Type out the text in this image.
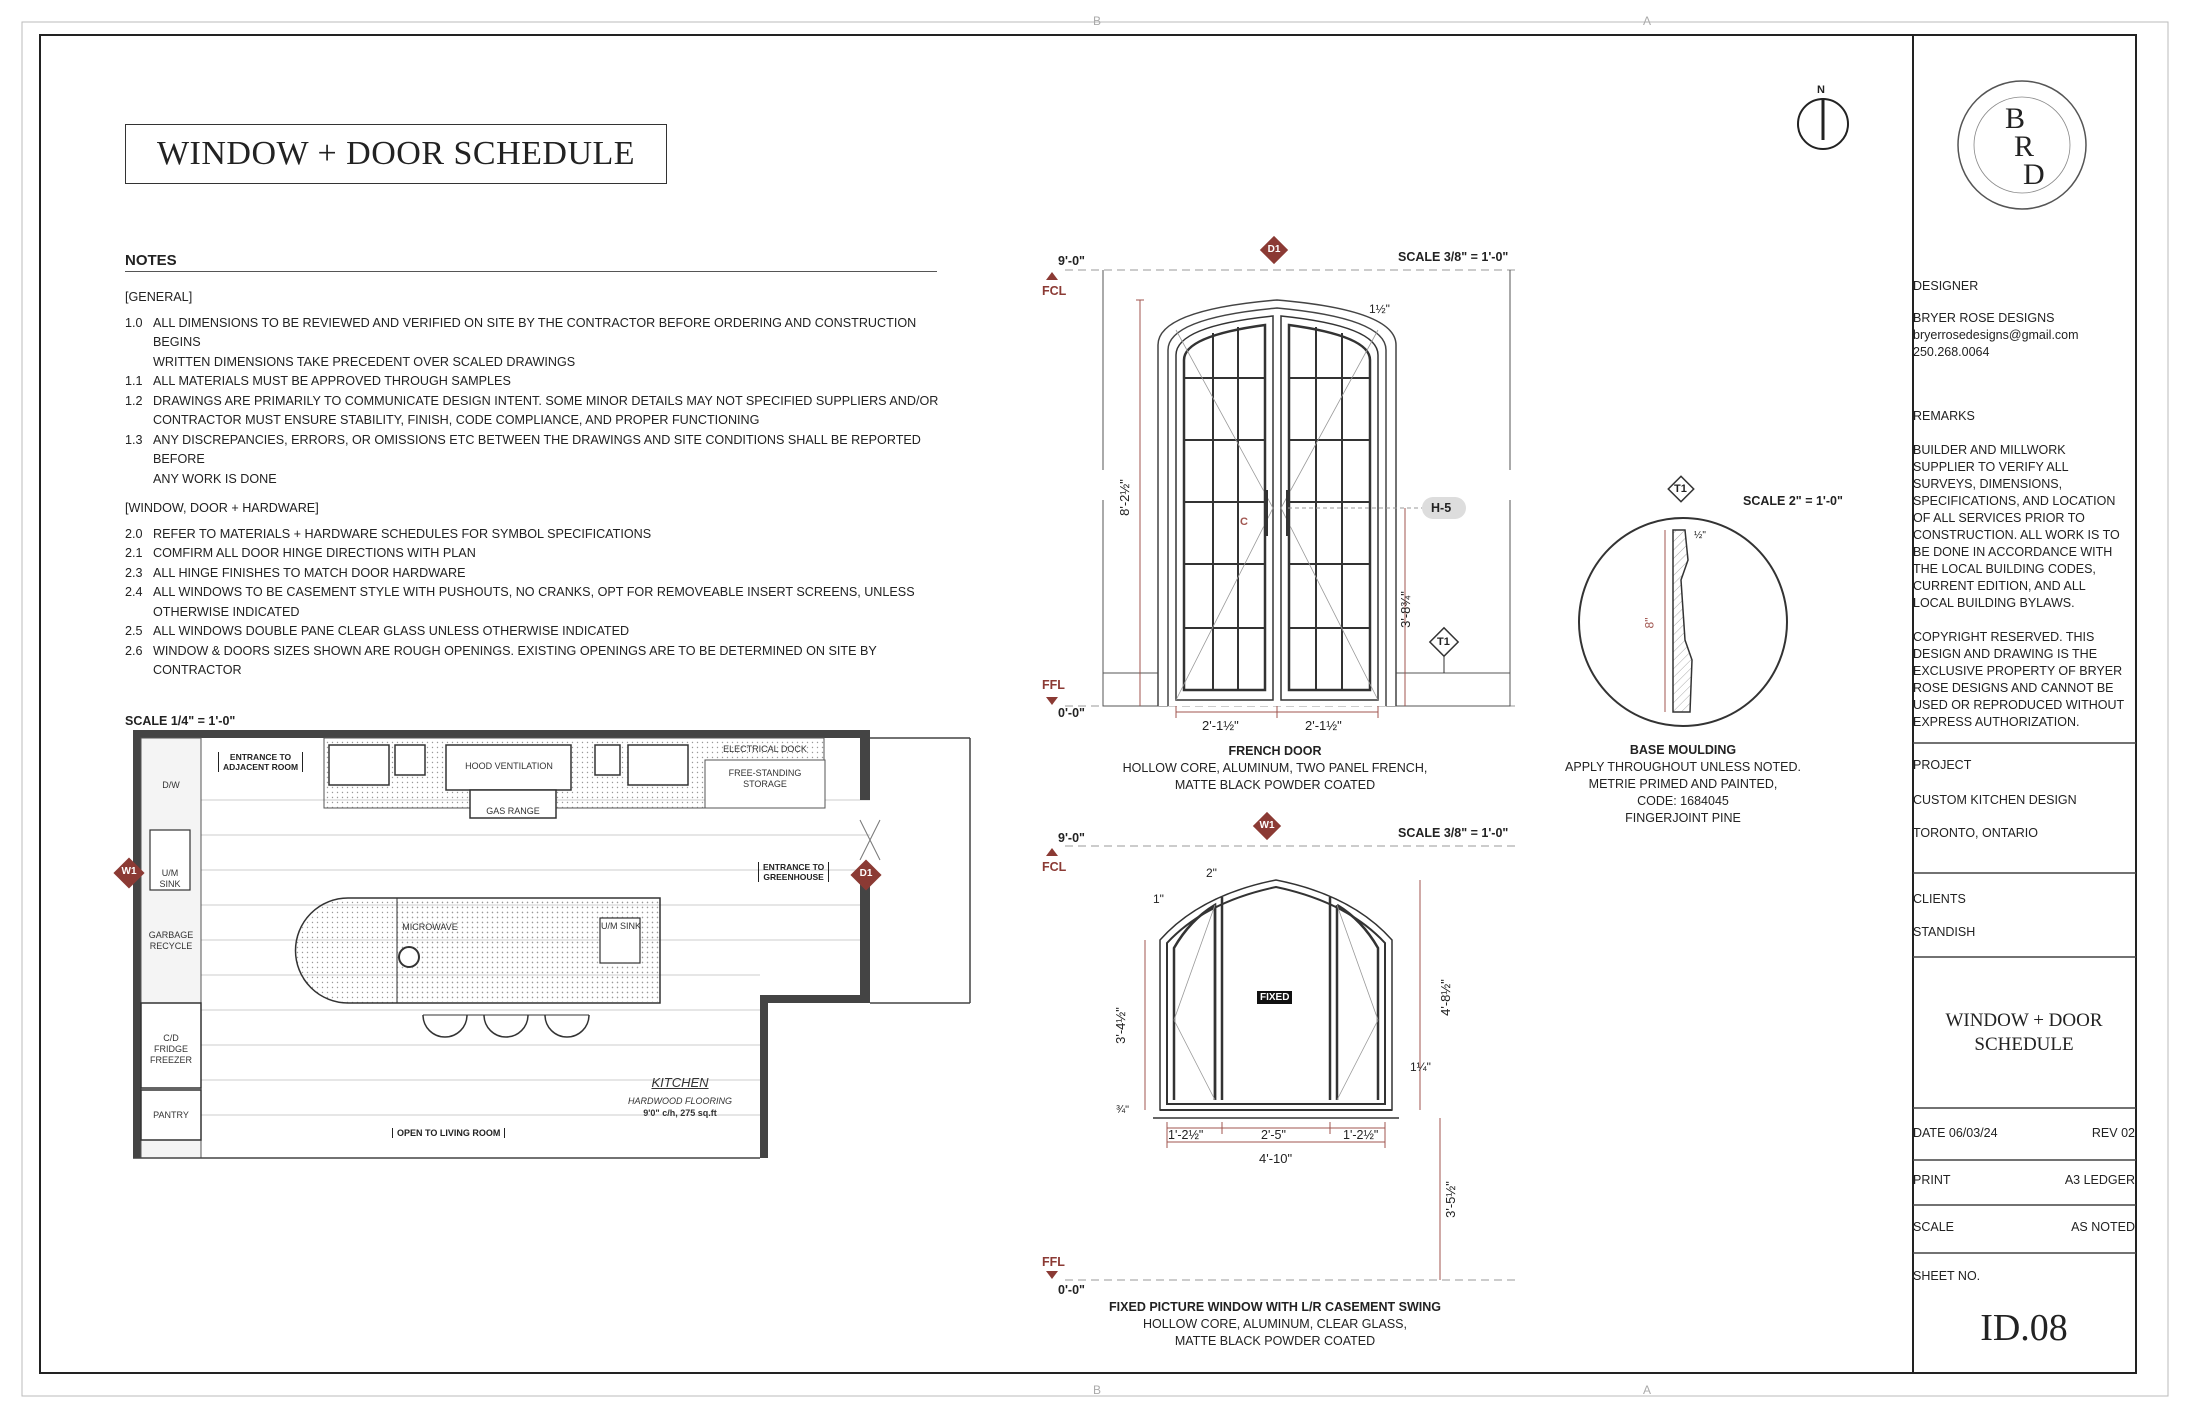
B	A
B	A
N
WINDOW + DOOR SCHEDULE
NOTES
[GENERAL]
1.0 ALL DIMENSIONS TO BE REVIEWED AND VERIFIED ON SITE BY THE CONTRACTOR BEFORE ORDERING AND CONSTRUCTION BEGINS
WRITTEN DIMENSIONS TAKE PRECEDENT OVER SCALED DRAWINGS
1.1 ALL MATERIALS MUST BE APPROVED THROUGH SAMPLES
1.2 DRAWINGS ARE PRIMARILY TO COMMUNICATE DESIGN INTENT. SOME MINOR DETAILS MAY NOT SPECIFIED SUPPLIERS AND/OR
CONTRACTOR MUST ENSURE STABILITY, FINISH, CODE COMPLIANCE, AND PROPER FUNCTIONING
1.3 ANY DISCREPANCIES, ERRORS, OR OMISSIONS ETC BETWEEN THE DRAWINGS AND SITE CONDITIONS SHALL BE REPORTED BEFORE
ANY WORK IS DONE
[WINDOW, DOOR + HARDWARE]
2.0 REFER TO MATERIALS + HARDWARE SCHEDULES FOR SYMBOL SPECIFICATIONS
2.1 COMFIRM ALL DOOR HINGE DIRECTIONS WITH PLAN
2.3 ALL HINGE FINISHES TO MATCH DOOR HARDWARE
2.4 ALL WINDOWS TO BE CASEMENT STYLE WITH PUSHOUTS, NO CRANKS, OPT FOR REMOVEABLE INSERT SCREENS, UNLESS
OTHERWISE INDICATED
2.5 ALL WINDOWS DOUBLE PANE CLEAR GLASS UNLESS OTHERWISE INDICATED
2.6 WINDOW & DOORS SIZES SHOWN ARE ROUGH OPENINGS. EXISTING OPENINGS ARE TO BE DETERMINED ON SITE BY CONTRACTOR
SCALE 1/4" = 1'-0"
ENTRANCE TO
ADJACENT ROOM
ENTRANCE TO
GREENHOUSE
OPEN TO LIVING ROOM
HOOD VENTILATION
GAS RANGE
ELECTRICAL DOCK
FREE-STANDING
STORAGE
D/W
U/M
SINK
GARBAGE
RECYCLE
MICROWAVE	U/M SINK
C/D
FRIDGE
FREEZER
PANTRY
KITCHEN
HARDWOOD FLOORING
9'0" c/h, 275 sq.ft
W1	D1
D1
SCALE 3/8" = 1'-0"
9'-0"
FCL
FFL
0'-0"
8'-2½"
1½"
3'-8¾"
H-5
T1
2'-1½"	2'-1½"
C
FRENCH DOOR
HOLLOW CORE, ALUMINUM, TWO PANEL FRENCH,
MATTE BLACK POWDER COATED
T1
SCALE 2" = 1'-0"
8"
½"
BASE MOULDING
APPLY THROUGHOUT UNLESS NOTED.
METRIE PRIMED AND PAINTED,
CODE: 1684045
FINGERJOINT PINE
W1
SCALE 3/8" = 1'-0"
9'-0"
FCL
FFL
0'-0"
2"
1"
3'-4½"
¾"
4'-8½"
1¼"
3'-5½"
FIXED
1'-2½"	2'-5"	1'-2½"
4'-10"
FIXED PICTURE WINDOW WITH L/R CASEMENT SWING
HOLLOW CORE, ALUMINUM, CLEAR GLASS,
MATTE BLACK POWDER COATED
B
R
D
DESIGNER
BRYER ROSE DESIGNS
bryerrosedesigns@gmail.com
250.268.0064
REMARKS
BUILDER AND MILLWORK
SUPPLIER TO VERIFY ALL
SURVEYS, DIMENSIONS,
SPECIFICATIONS, AND LOCATION
OF ALL SERVICES PRIOR TO
CONSTRUCTION. ALL WORK IS TO
BE DONE IN ACCORDANCE WITH
THE LOCAL BUILDING CODES,
CURRENT EDITION, AND ALL
LOCAL BUILDING BYLAWS.
COPYRIGHT RESERVED. THIS
DESIGN AND DRAWING IS THE
EXCLUSIVE PROPERTY OF BRYER
ROSE DESIGNS AND CANNOT BE
USED OR REPRODUCED WITHOUT
EXPRESS AUTHORIZATION.
PROJECT
CUSTOM KITCHEN DESIGN
TORONTO, ONTARIO
CLIENTS
STANDISH
WINDOW + DOOR
SCHEDULE
DATE 06/03/24	REV 02
PRINT	A3 LEDGER
SCALE	AS NOTED
SHEET NO.
ID.08
